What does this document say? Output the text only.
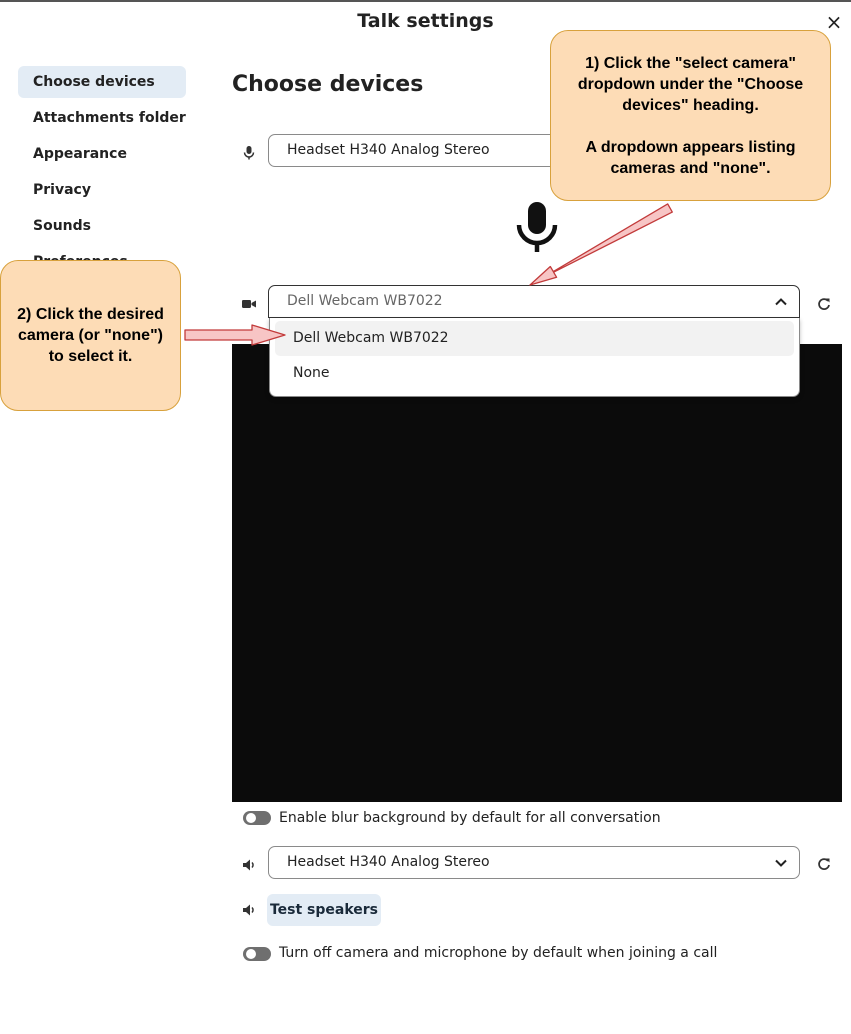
Talk settings	×
Choose devices
Attachments folder
Appearance
Privacy
Sounds
Choose devices
Headset H340 Analog Stereo
Dell Webcam WB7022
Dell Webcam WB7022
None
Enable blur background by default for all conversation
Headset H340 Analog Stereo
Test speakers
Turn off camera and microphone by default when joining a call
1) Click the "select camera" dropdown under the "Choose devices" heading.
A dropdown appears listing cameras and "none".
2) Click the desired camera (or "none") to select it.
